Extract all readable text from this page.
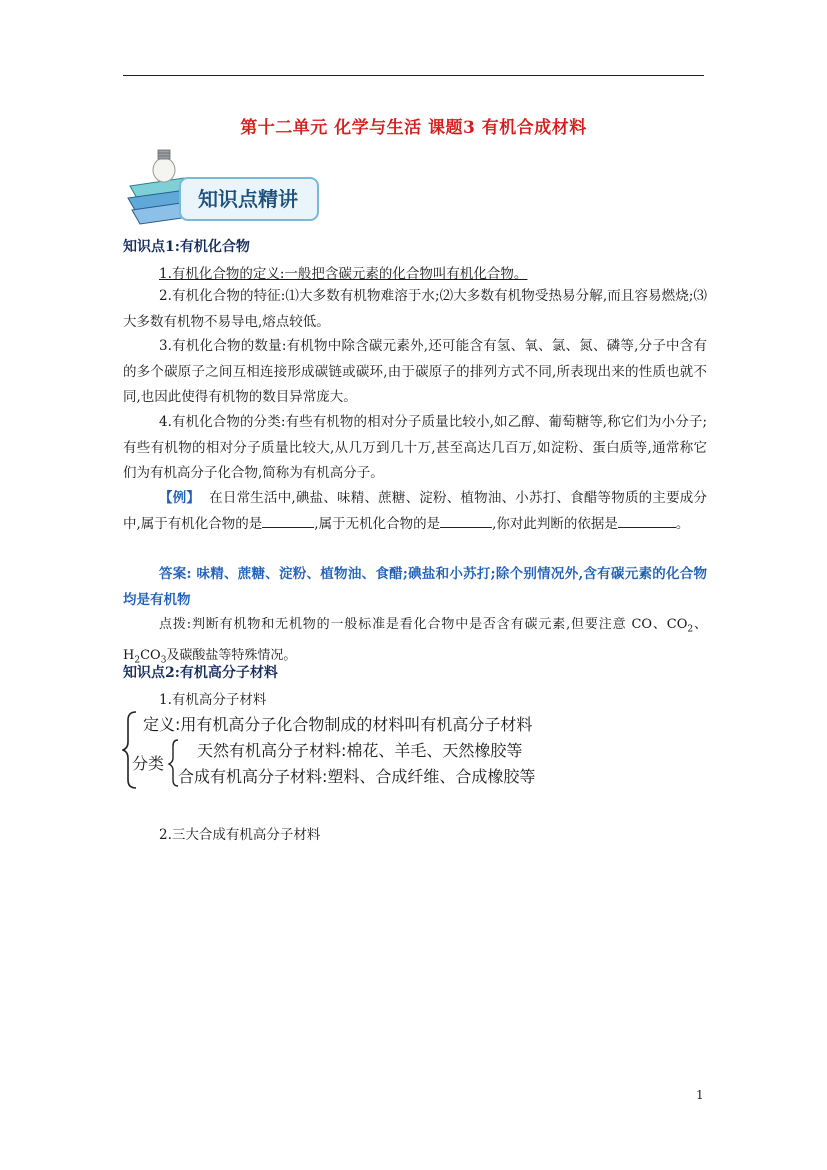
第十二单元 化学与生活 课题3 有机合成材料
知识点精讲
知识点1:有机化合物
1.有机化合物的定义:一般把含碳元素的化合物叫有机化合物。
2.有机化合物的特征:⑴大多数有机物难溶于水;⑵大多数有机物受热易分解,而且容易燃烧;⑶大多数有机物不易导电,熔点较低。
3.有机化合物的数量:有机物中除含碳元素外,还可能含有氢、氧、氯、氮、磷等,分子中含有的多个碳原子之间互相连接形成碳链或碳环,由于碳原子的排列方式不同,所表现出来的性质也就不同,也因此使得有机物的数目异常庞大。
4.有机化合物的分类:有些有机物的相对分子质量比较小,如乙醇、葡萄糖等,称它们为小分子;有些有机物的相对分子质量比较大,从几万到几十万,甚至高达几百万,如淀粉、蛋白质等,通常称它们为有机高分子化合物,简称为有机高分子。
【例】 在日常生活中,碘盐、味精、蔗糖、淀粉、植物油、小苏打、食醋等物质的主要成分中,属于有机化合物的是	,属于无机化合物的是	,你对此判断的依据是	。
答案: 味精、蔗糖、淀粉、植物油、食醋;碘盐和小苏打;除个别情况外,含有碳元素的化合物均是有机物
点拨:判断有机物和无机物的一般标准是看化合物中是否含有碳元素,但要注意 CO、$CO_2$、$H_2CO_3$及碳酸盐等特殊情况。
知识点2:有机高分子材料
1.有机高分子材料
定义:用有机高分子化合物制成的材料叫有机高分子材料
分类
天然有机高分子材料:棉花、羊毛、天然橡胶等
合成有机高分子材料:塑料、合成纤维、合成橡胶等
2.三大合成有机高分子材料
1
